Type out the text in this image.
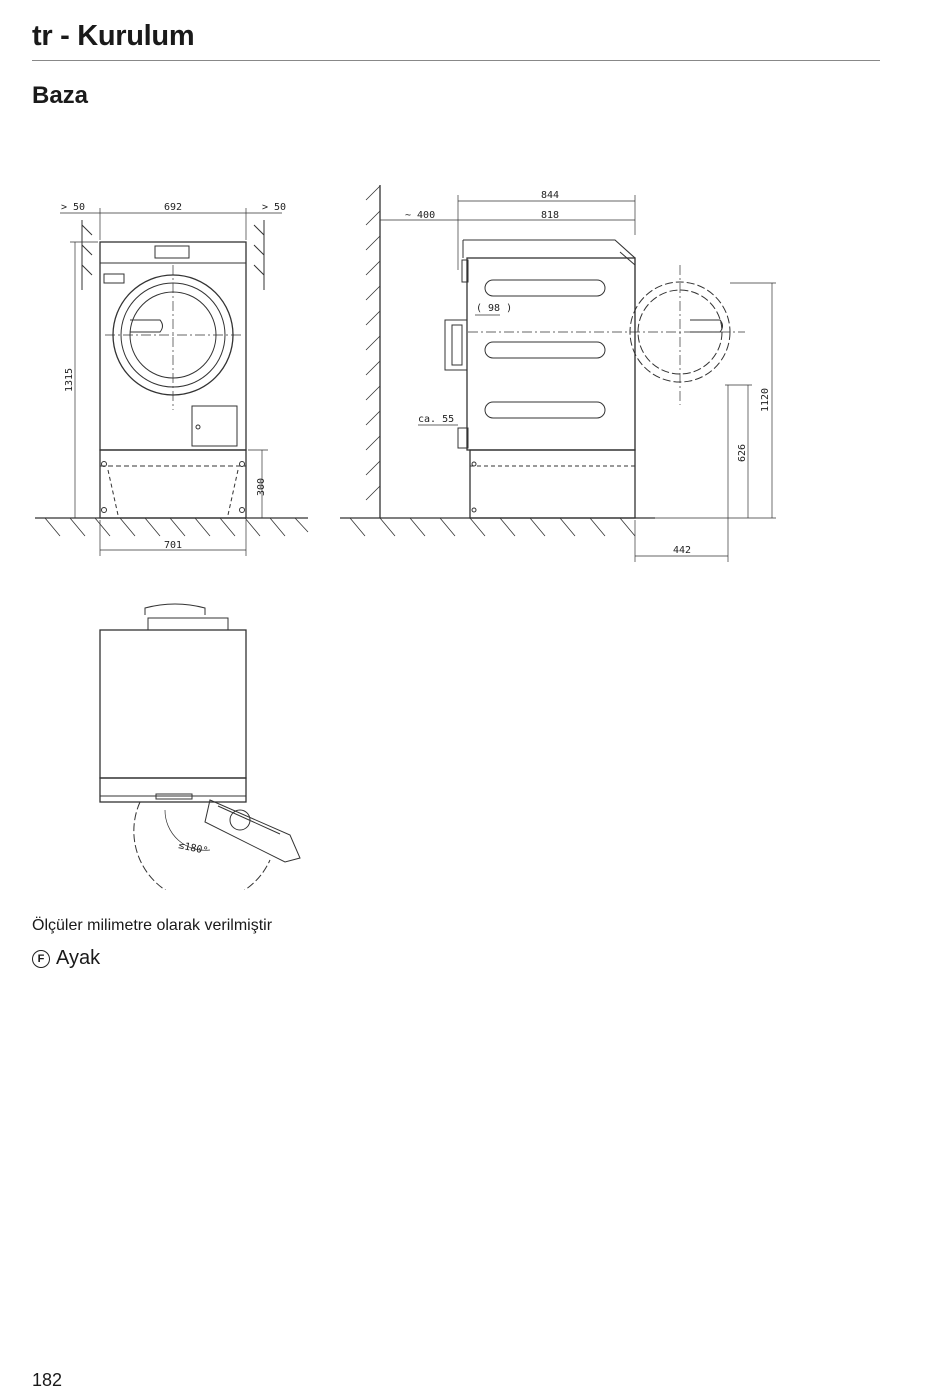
tr - Kurulum
Baza
> 50	692	> 50
1315
300
701
844
818
~ 400
( 98 )
ca. 55
442
626
1120
≤180°
Ölçüler milimetre olarak verilmiştir
F Ayak
182
